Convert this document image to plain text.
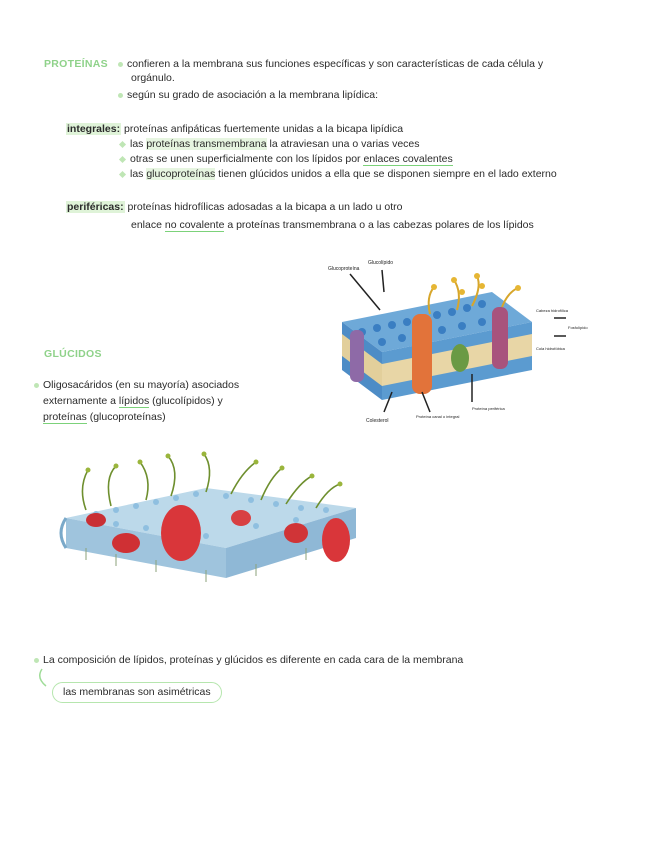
PROTEÍNAS	confieren a la membrana sus funciones específicas y son características de cada célula y
orgánulo.
según su grado de asociación a la membrana lipídica:
integrales: proteínas anfipáticas fuertemente unidas a la bicapa lipídica
las proteínas transmembrana la atraviesan una o varias veces
otras se unen superficialmente con los lípidos por enlaces covalentes
las glucoproteínas tienen glúcidos unidos a ella que se disponen siempre en el lado externo
periféricas: proteínas hidrofílicas adosadas a la bicapa a un lado u otro
enlace no covalente a proteínas transmembrana o a las cabezas polares de los lípidos
Glucoproteína
Glucolípido
Cabeza hidrofílica
Fosfolípido
Cola hidrofóbica
Colesterol
Proteína canal o integral
Proteína periférica
GLÚCIDOS
Oligosacáridos (en su mayoría) asociados
externamente a lípidos (glucolípidos) y
proteínas (glucoproteínas)
La composición de lípidos, proteínas y glúcidos es diferente en cada cara de la membrana
las membranas son asimétricas
